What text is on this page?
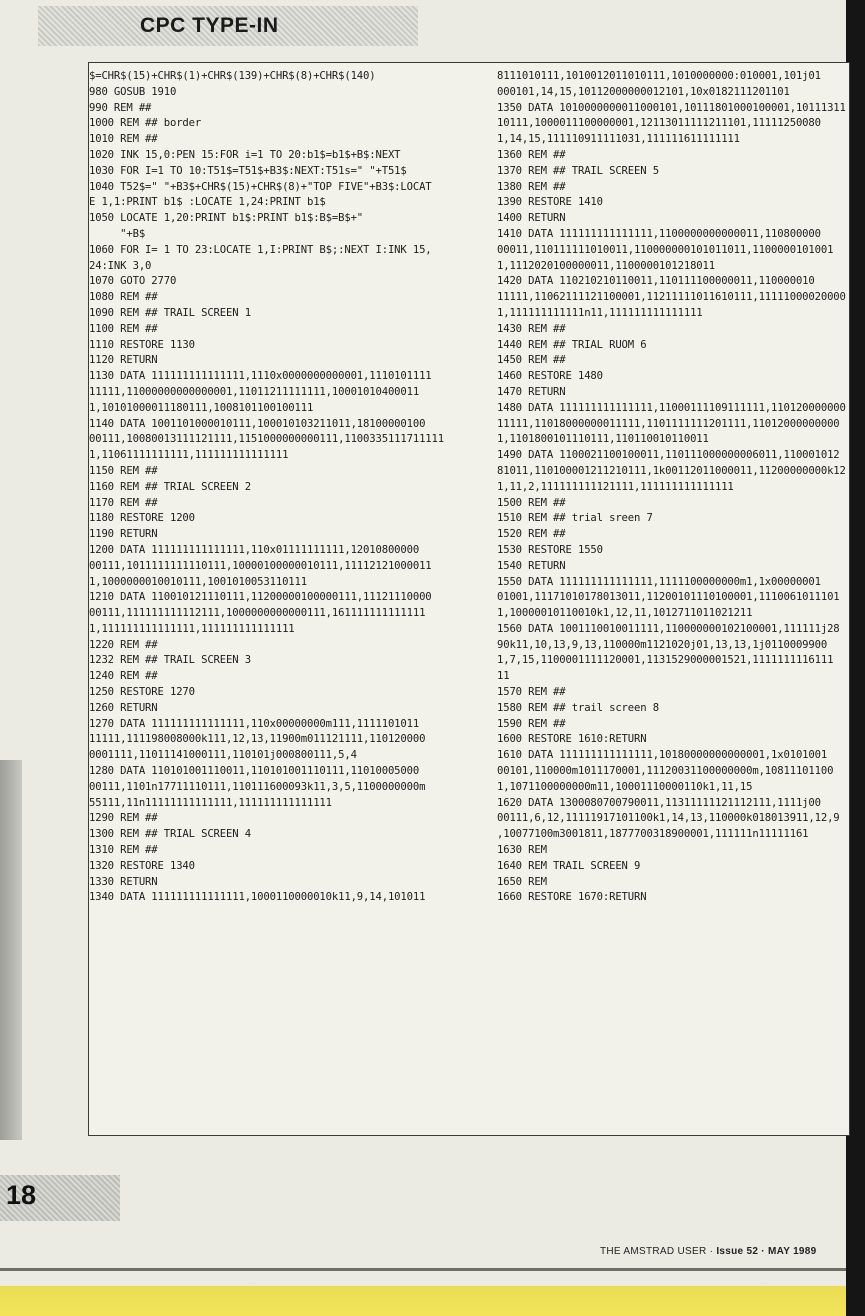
CPC TYPE-IN
$=CHR$(15)+CHR$(1)+CHR$(139)+CHR$(8)+CHR$(140)
980 GOSUB 1910
990 REM ##
1000 REM ## border
1010 REM ##
1020 INK 15,0:PEN 15:FOR i=1 TO 20:b1$=b1$+B$:NEXT
1030 FOR I=1 TO 10:T51$=T51$+B3$:NEXT:T51s=" "+T51$
1040 T52$=" "+B3$+CHR$(15)+CHR$(8)+"TOP FIVE"+B3$:LOCAT
E 1,1:PRINT b1$ :LOCATE 1,24:PRINT b1$
1050 LOCATE 1,20:PRINT b1$:PRINT b1$:B$=B$+"
"+B$
1060 FOR I= 1 TO 23:LOCATE 1,I:PRINT B$;:NEXT I:INK 15,
24:INK 3,0
1070 GOTO 2770
1080 REM ##
1090 REM ## TRAIL SCREEN 1
1100 REM ##
1110 RESTORE 1130
1120 RETURN
1130 DATA 111111111111111,1110x0000000000001,1110101111
11111,11000000000000001,11011211111111,10001010400011
1,10101000011180111,1008101100100111
1140 DATA 1001101000010111,100010103211011,18100000100
00111,10080013111121111,1151000000000111,1100335111711111
1,11061111111111,111111111111111
1150 REM ##
1160 REM ## TRIAL SCREEN 2
1170 REM ##
1180 RESTORE 1200
1190 RETURN
1200 DATA 111111111111111,110x01111111111,12010800000
00111,1011111111110111,10000100000010111,11112121000011
1,1000000010010111,1001010053110111
1210 DATA 110010121110111,11200000100000111,11121110000
00111,111111111112111,1000000000000111,161111111111111
1,111111111111111,111111111111111
1220 REM ##
1232 REM ## TRAIL SCREEN 3
1240 REM ##
1250 RESTORE 1270
1260 RETURN
1270 DATA 111111111111111,110x00000000m111,1111101011
11111,111198008000k111,12,13,11900m011121111,110120000
0001111,11011141000111,110101j000800111,5,4
1280 DATA 110101001110011,110101001110111,11010005000
00111,1101n17711110111,110111600093k11,3,5,1100000000m
55111,11n11111111111111,111111111111111
1290 REM ##
1300 REM ## TRIAL SCREEN 4
1310 REM ##
1320 RESTORE 1340
1330 RETURN
1340 DATA 111111111111111,1000110000010k11,9,14,101011
8111010111,1010012011010111,1010000000:010001,101j01
000101,14,15,10112000000012101,10x0182111201101
1350 DATA 1010000000011000101,10111801000100001,10111311
10111,1000011100000001,12113011111211101,11111250080
1,14,15,111110911111031,111111611111111
1360 REM ##
1370 REM ## TRAIL SCREEN 5
1380 REM ##
1390 RESTORE 1410
1400 RETURN
1410 DATA 111111111111111,1100000000000011,110800000
00011,110111111010011,110000000101011011,1100000101001
1,1112020100000011,1100000101218011
1420 DATA 110210210110011,110111100000011,110000010
11111,11062111121100001,11211111011610111,11111000020000
1,111111111111n11,111111111111111
1430 REM ##
1440 REM ## TRIAL RUOM 6
1450 REM ##
1460 RESTORE 1480
1470 RETURN
1480 DATA 111111111111111,11000111109111111,110120000000
11111,11018000000011111,1101111111201111,11012000000000
1,1101800101110111,110110010110011
1490 DATA 1100021100100011,110111000000006011,110001012
81011,110100001211210111,1k00112011000011,11200000000k12
1,11,2,111111111121111,111111111111111
1500 REM ##
1510 REM ## trial sreen 7
1520 REM ##
1530 RESTORE 1550
1540 RETURN
1550 DATA 111111111111111,1111100000000m1,1x00000001
01001,11171010178013011,11200101110100001,1110061011101
1,10000010110010k1,12,11,1012711011021211
1560 DATA 1001110010011111,110000000102100001,111111j28
90k11,10,13,9,13,110000m1121020j01,13,13,1j0110009900
1,7,15,1100001111120001,1131529000001521,1111111116111
11
1570 REM ##
1580 REM ## trail screen 8
1590 REM ##
1600 RESTORE 1610:RETURN
1610 DATA 111111111111111,10180000000000001,1x0101001
00101,110000m1011170001,11120031100000000m,10811101100
1,1071100000000m11,10001110000110k1,11,15
1620 DATA 1300080700790011,11311111121112111,1111j00
00111,6,12,11111917101100k1,14,13,110000k018013911,12,9
,10077100m3001811,1877700318900001,111111n11111161
1630 REM
1640 REM TRAIL SCREEN 9
1650 REM
1660 RESTORE 1670:RETURN
18
THE AMSTRAD USER · Issue 52 · MAY 1989
